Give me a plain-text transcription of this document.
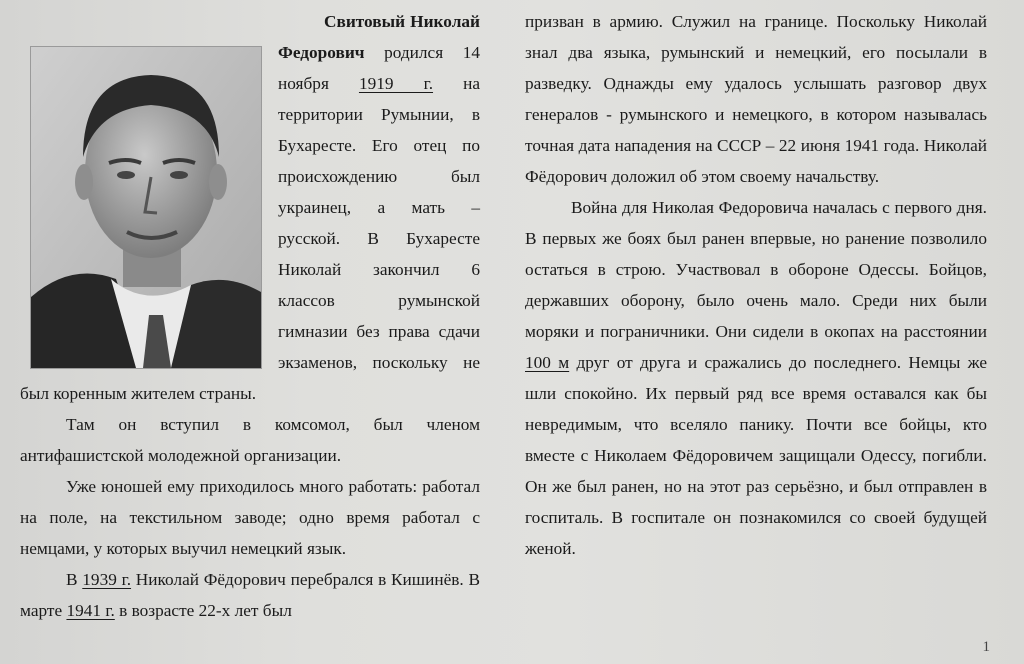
Свитовый Николай Федорович родился 14 ноября 1919 г. на территории Румынии, в Бухаресте. Его отец по происхождению был украинец, а мать – русской. В Бухаресте Николай закончил 6 классов румынской гимназии без права сдачи экзаменов, поскольку не был коренным жителем страны.

Там он вступил в комсомол, был членом антифашистской молодежной организации.

Уже юношей ему приходилось много работать: работал на поле, на текстильном заводе; одно время работал с немцами, у которых выучил немецкий язык.

В 1939 г. Николай Фёдорович перебрался в Кишинёв. В марте 1941 г. в возрасте 22-х лет был

призван в армию. Служил на границе. Поскольку Николай знал два языка, румынский и немецкий, его посылали в разведку. Однажды ему удалось услышать разговор двух генералов - румынского и немецкого, в котором называлась точная дата нападения на СССР – 22 июня 1941 года. Николай Фёдорович доложил об этом своему начальству.

Война для Николая Федоровича началась с первого дня. В первых же боях был ранен впервые, но ранение позволило остаться в строю. Участвовал в обороне Одессы. Бойцов, державших оборону, было очень мало. Среди них были моряки и пограничники. Они сидели в окопах на расстоянии 100 м друг от друга и сражались до последнего. Немцы же шли спокойно. Их первый ряд все время оставался как бы невредимым, что вселяло панику. Почти все бойцы, кто вместе с Николаем Фёдоровичем защищали Одессу, погибли. Он же был ранен, но на этот раз серьёзно, и был отправлен в госпиталь. В госпитале он познакомился со своей будущей женой.

1
